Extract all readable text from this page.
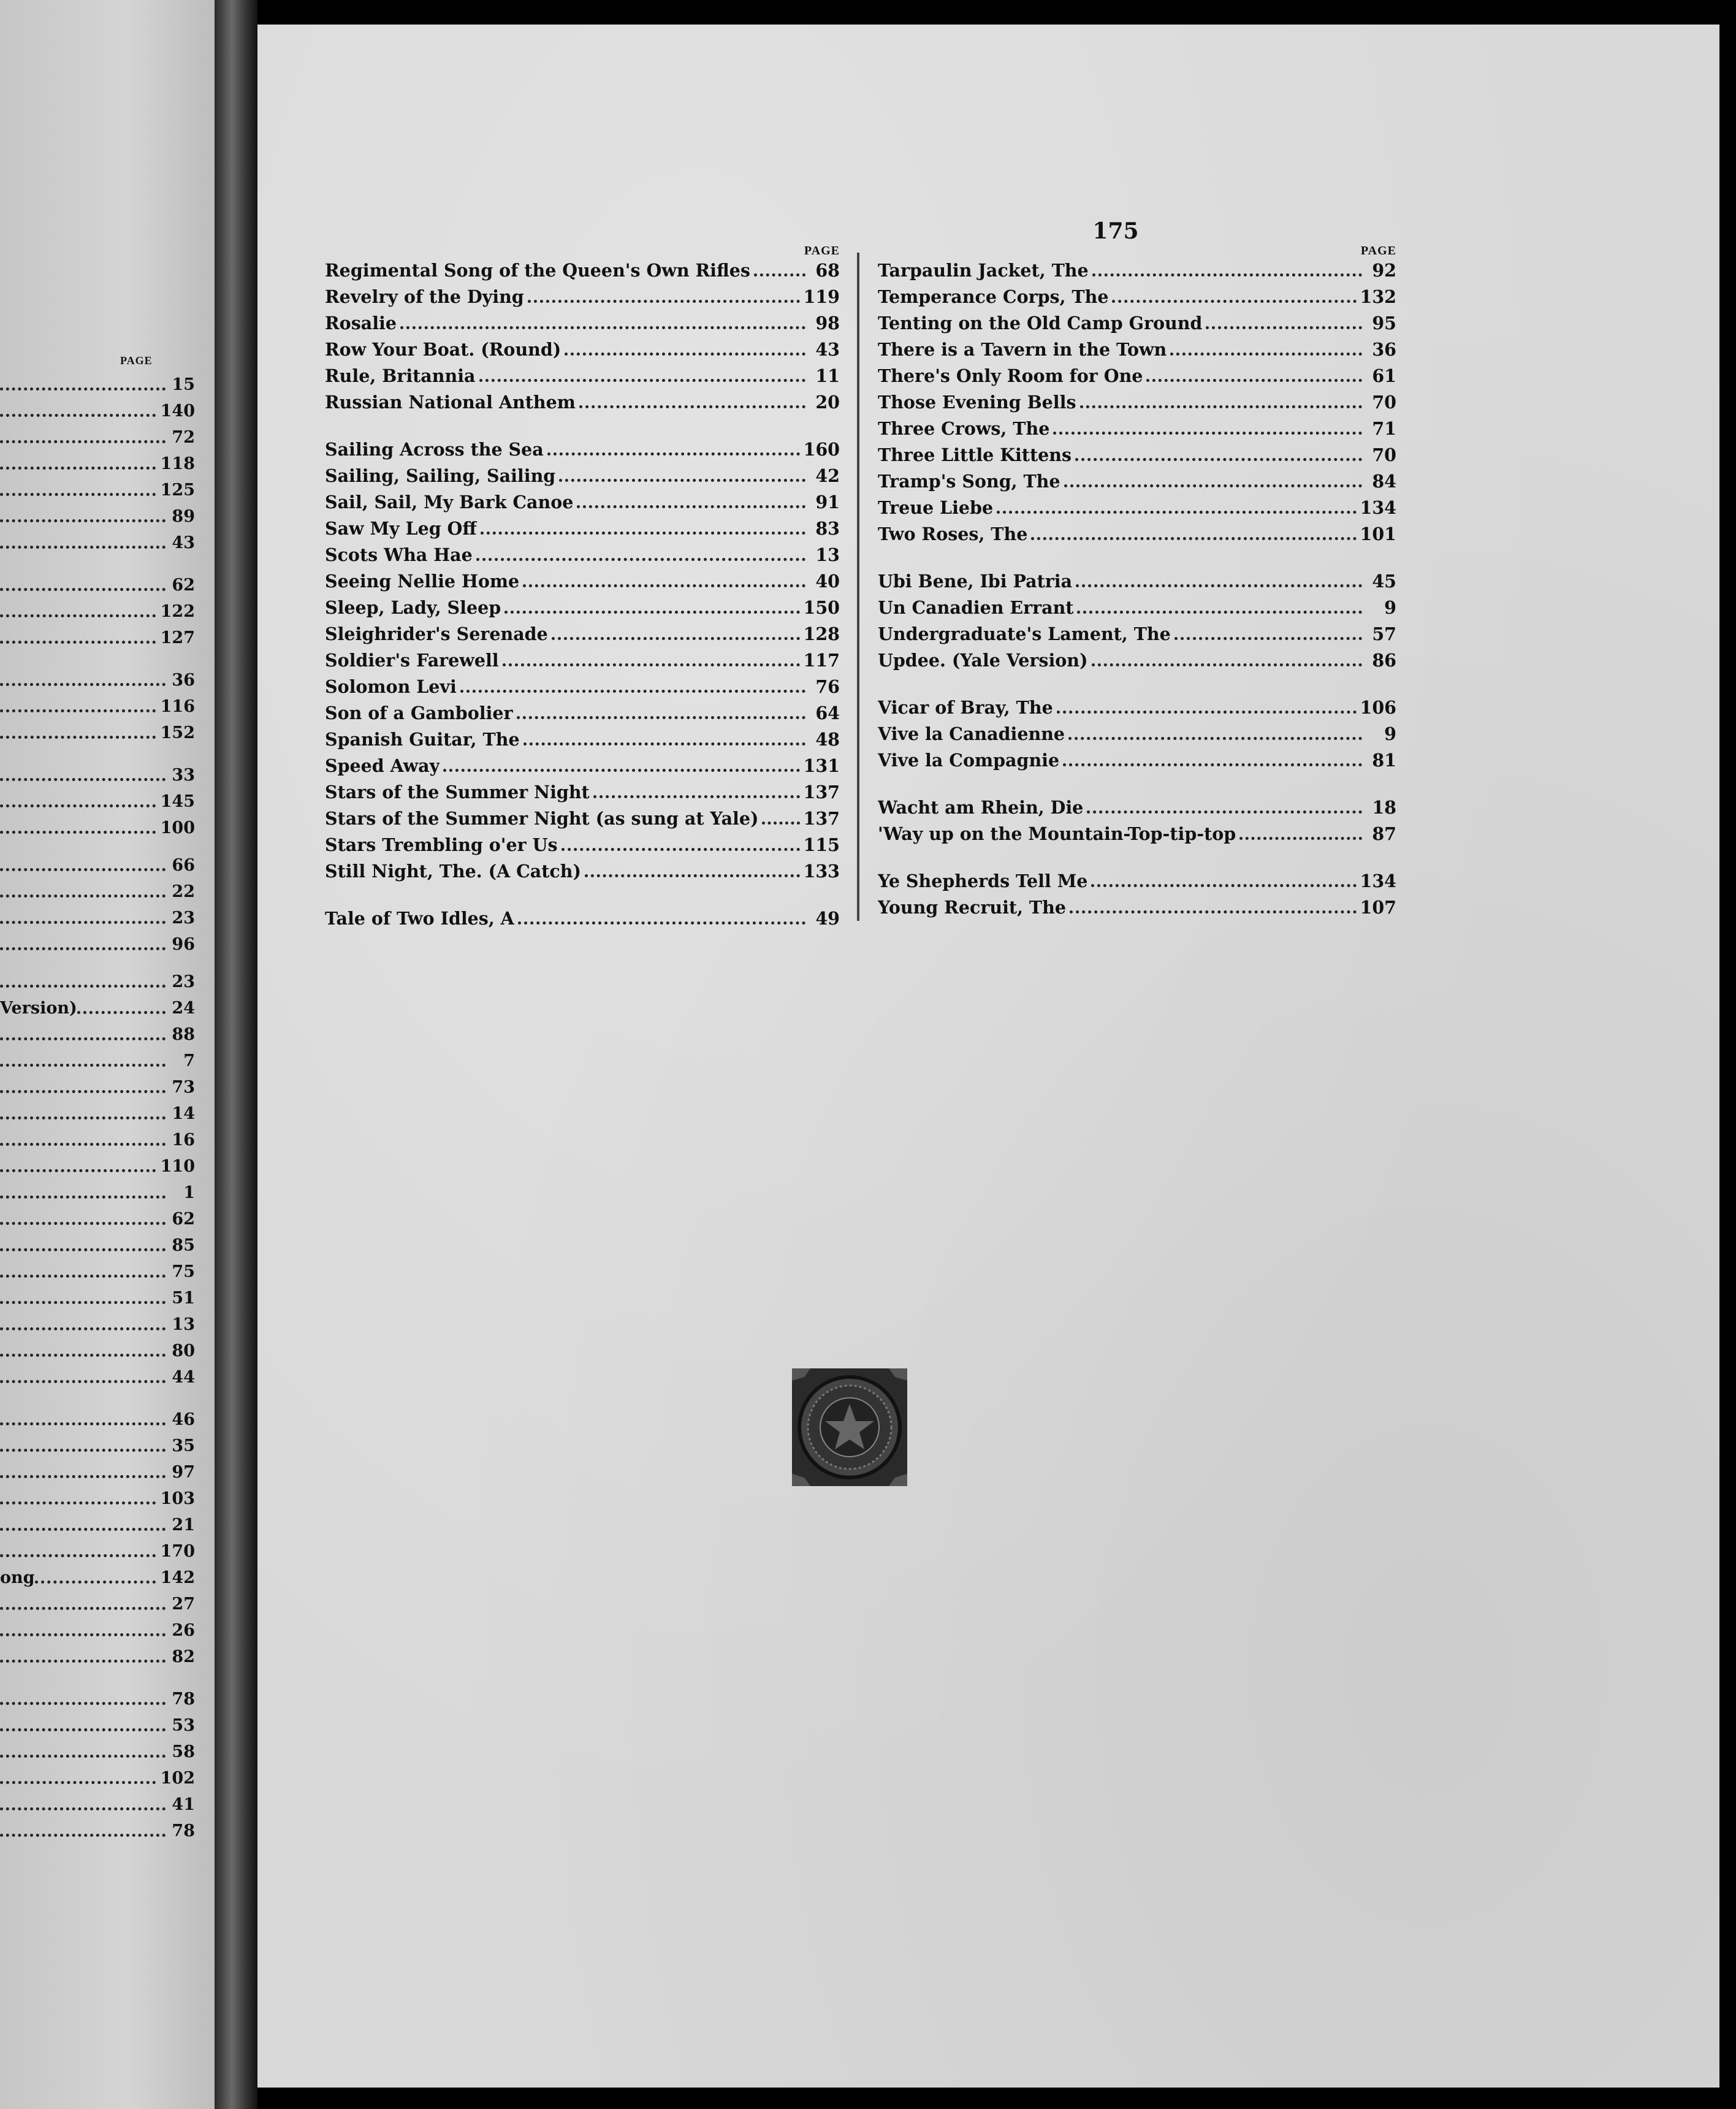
PAGE
15
140
72
118
125
89
43
62
122
127
36
116
152
33
145
100
66
22
23
96
23
Version)	24
88
7
73
14
16
110
1
62
85
75
51
13
80
44
46
35
97
103
21
170
ong	142
27
26
82
78
53
58
102
41
78
175
PAGE
Regimental Song of the Queen's Own Rifles	68
Revelry of the Dying	119
Rosalie	98
Row Your Boat. (Round)	43
Rule, Britannia	11
Russian National Anthem	20
Sailing Across the Sea	160
Sailing, Sailing, Sailing	42
Sail, Sail, My Bark Canoe	91
Saw My Leg Off	83
Scots Wha Hae	13
Seeing Nellie Home	40
Sleep, Lady, Sleep	150
Sleighrider's Serenade	128
Soldier's Farewell	117
Solomon Levi	76
Son of a Gambolier	64
Spanish Guitar, The	48
Speed Away	131
Stars of the Summer Night	137
Stars of the Summer Night (as sung at Yale)	137
Stars Trembling o'er Us	115
Still Night, The. (A Catch)	133
Tale of Two Idles, A	49
PAGE
Tarpaulin Jacket, The	92
Temperance Corps, The	132
Tenting on the Old Camp Ground	95
There is a Tavern in the Town	36
There's Only Room for One	61
Those Evening Bells	70
Three Crows, The	71
Three Little Kittens	70
Tramp's Song, The	84
Treue Liebe	134
Two Roses, The	101
Ubi Bene, Ibi Patria	45
Un Canadien Errant	9
Undergraduate's Lament, The	57
Updee. (Yale Version)	86
Vicar of Bray, The	106
Vive la Canadienne	9
Vive la Compagnie	81
Wacht am Rhein, Die	18
'Way up on the Mountain-Top-tip-top	87
Ye Shepherds Tell Me	134
Young Recruit, The	107
